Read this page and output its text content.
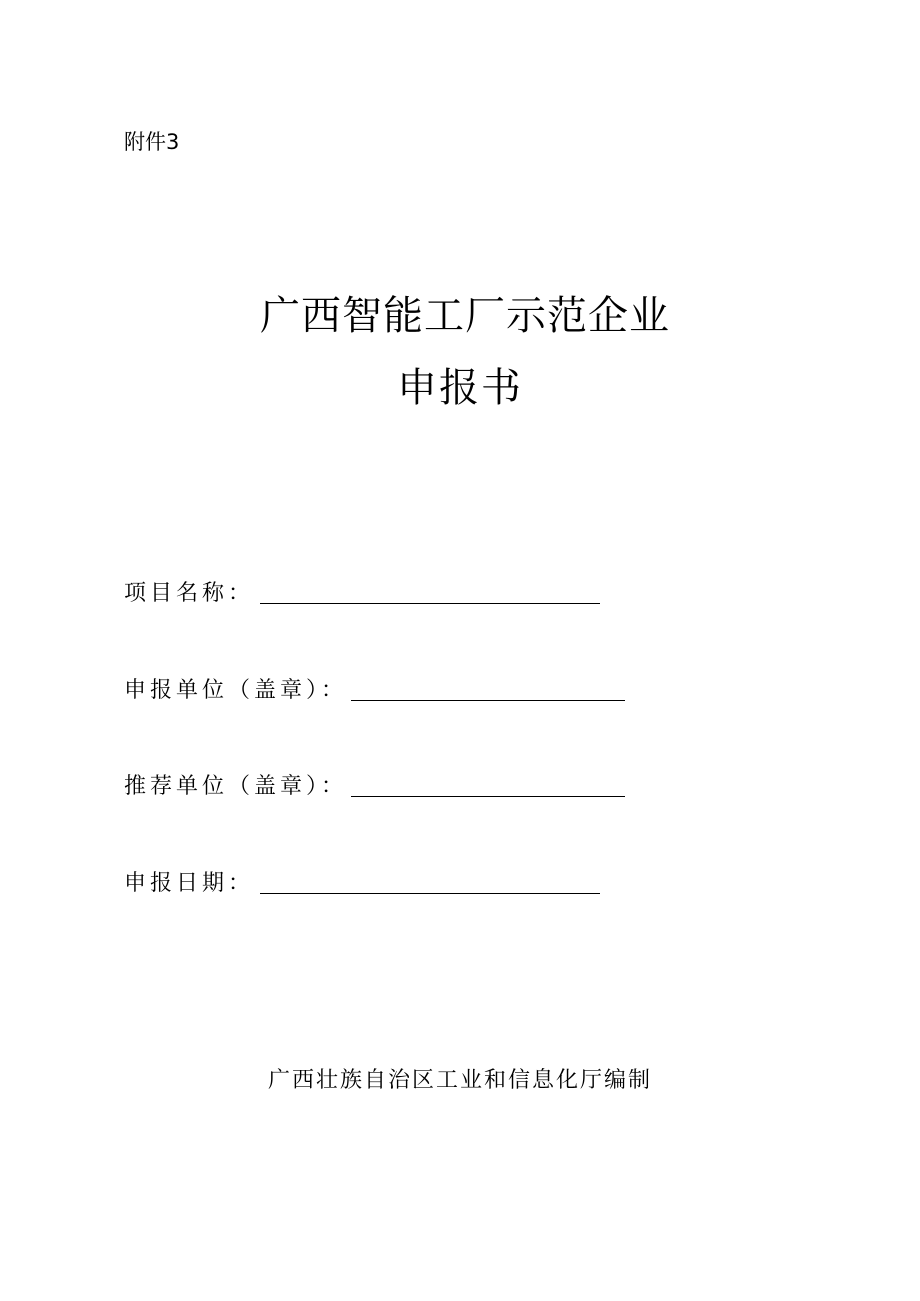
附件3
广西智能工厂示范企业
申报书
项目名称：
申报单位（盖章）：
推荐单位（盖章）：
申报日期：
广西壮族自治区工业和信息化厅编制
